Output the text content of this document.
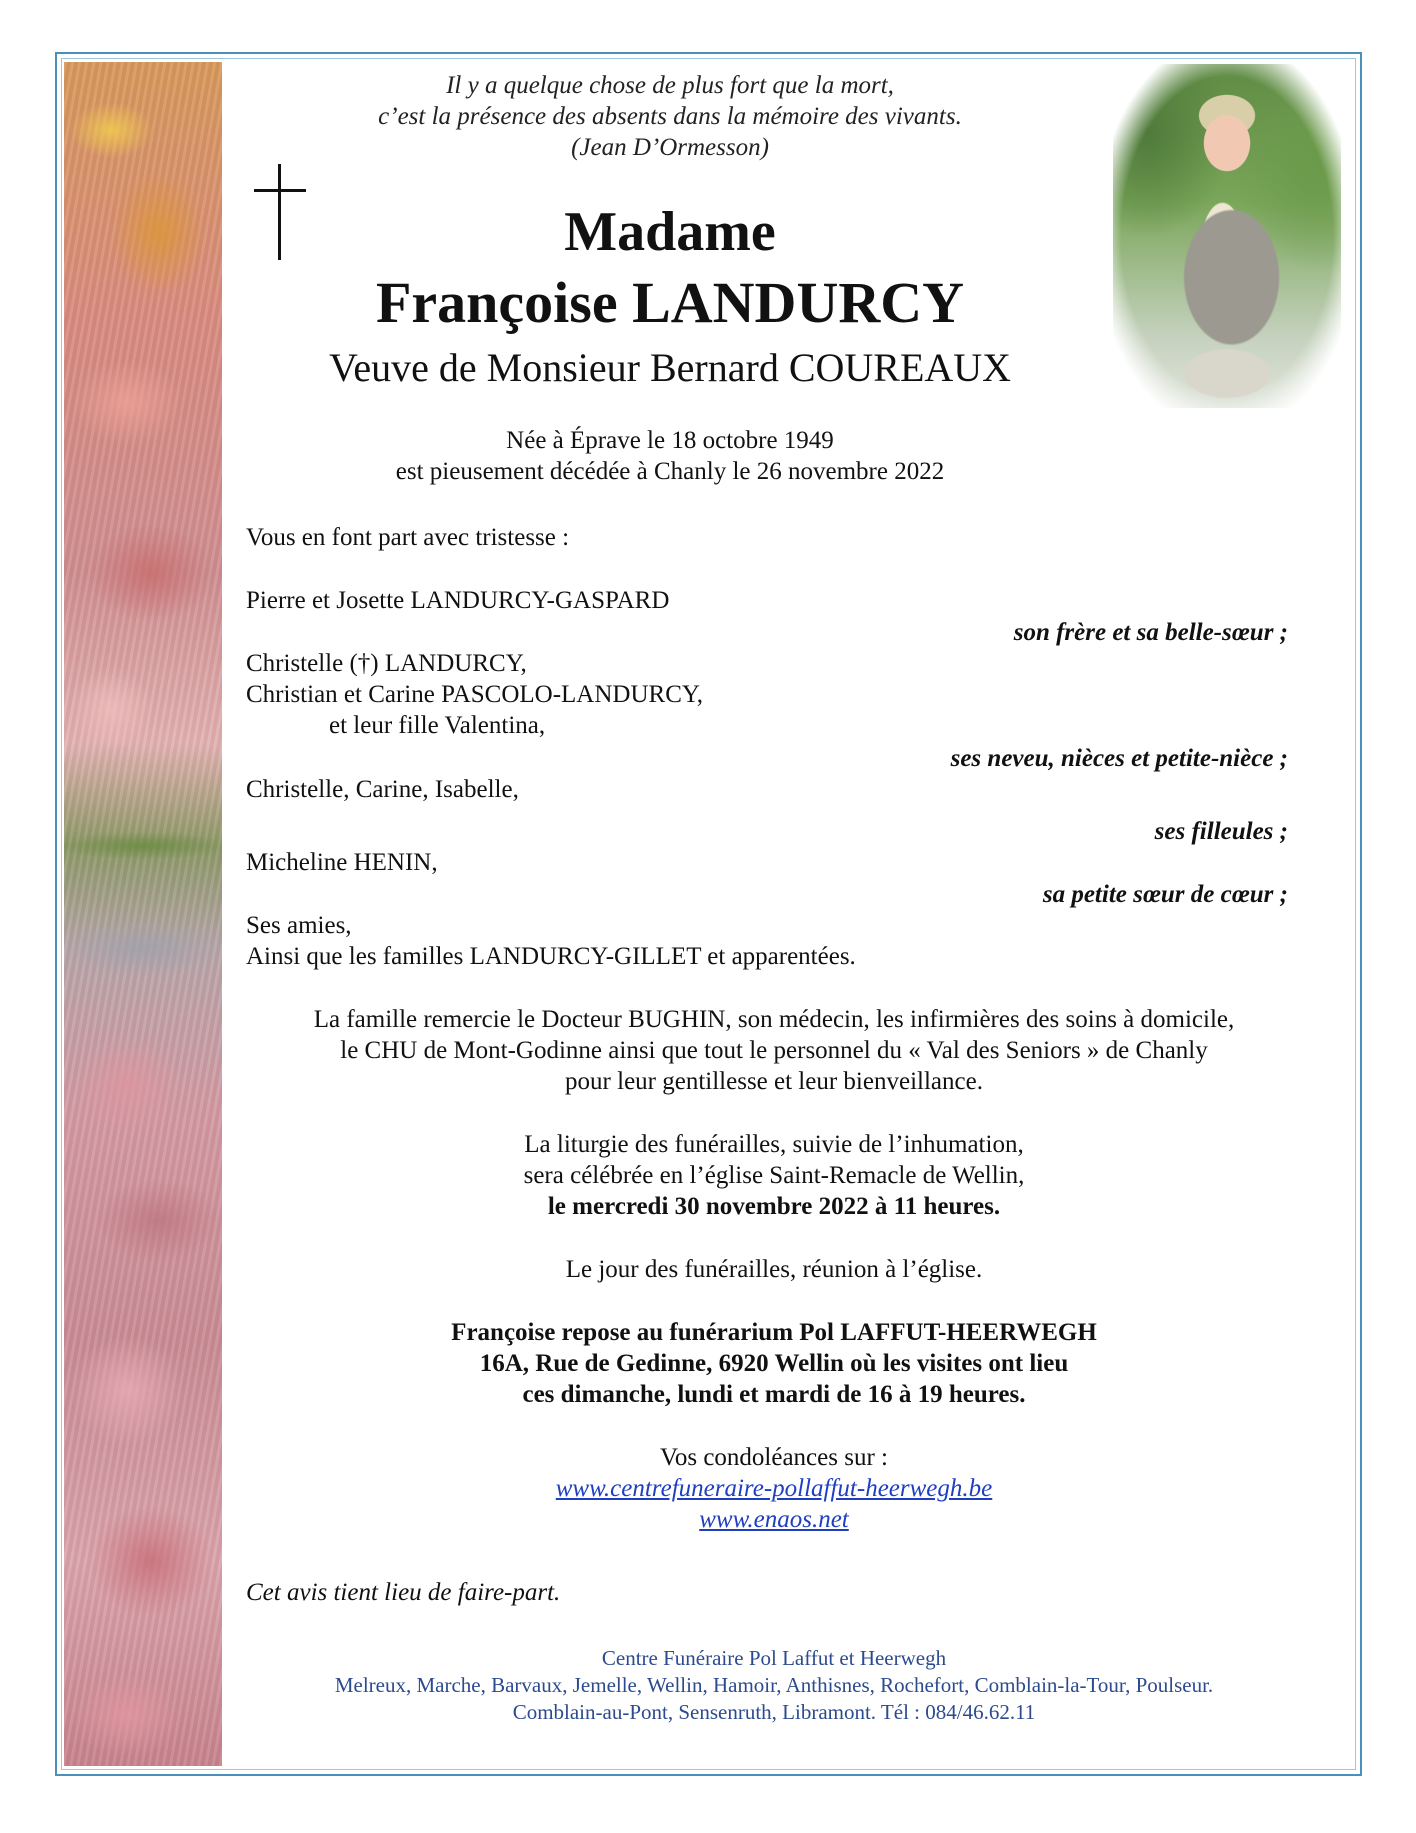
Il y a quelque chose de plus fort que la mort,
c’est la présence des absents dans la mémoire des vivants.
(Jean D’Ormesson)
Madame
Françoise LANDURCY
Veuve de Monsieur Bernard COUREAUX
Née à Éprave le 18 octobre 1949
est pieusement décédée à Chanly le 26 novembre 2022
Vous en font part avec tristesse :
Pierre et Josette LANDURCY-GASPARD
son frère et sa belle-sœur ;
Christelle (†) LANDURCY,
Christian et Carine PASCOLO-LANDURCY,
et leur fille Valentina,
ses neveu, nièces et petite-nièce ;
Christelle, Carine, Isabelle,
ses filleules ;
Micheline HENIN,
sa petite sœur de cœur ;
Ses amies,
Ainsi que les familles LANDURCY-GILLET et apparentées.
La famille remercie le Docteur BUGHIN, son médecin, les infirmières des soins à domicile,
le CHU de Mont-Godinne ainsi que tout le personnel du « Val des Seniors » de Chanly
pour leur gentillesse et leur bienveillance.
La liturgie des funérailles, suivie de l’inhumation,
sera célébrée en l’église Saint-Remacle de Wellin,
le mercredi 30 novembre 2022 à 11 heures.
Le jour des funérailles, réunion à l’église.
Françoise repose au funérarium Pol LAFFUT-HEERWEGH
16A, Rue de Gedinne, 6920 Wellin où les visites ont lieu
ces dimanche, lundi et mardi de 16 à 19 heures.
Vos condoléances sur :
www.centrefuneraire-pollaffut-heerwegh.be
www.enaos.net
Cet avis tient lieu de faire-part.
Centre Funéraire Pol Laffut et Heerwegh
Melreux, Marche, Barvaux, Jemelle, Wellin, Hamoir, Anthisnes, Rochefort, Comblain-la-Tour, Poulseur.
Comblain-au-Pont, Sensenruth, Libramont. Tél : 084/46.62.11
